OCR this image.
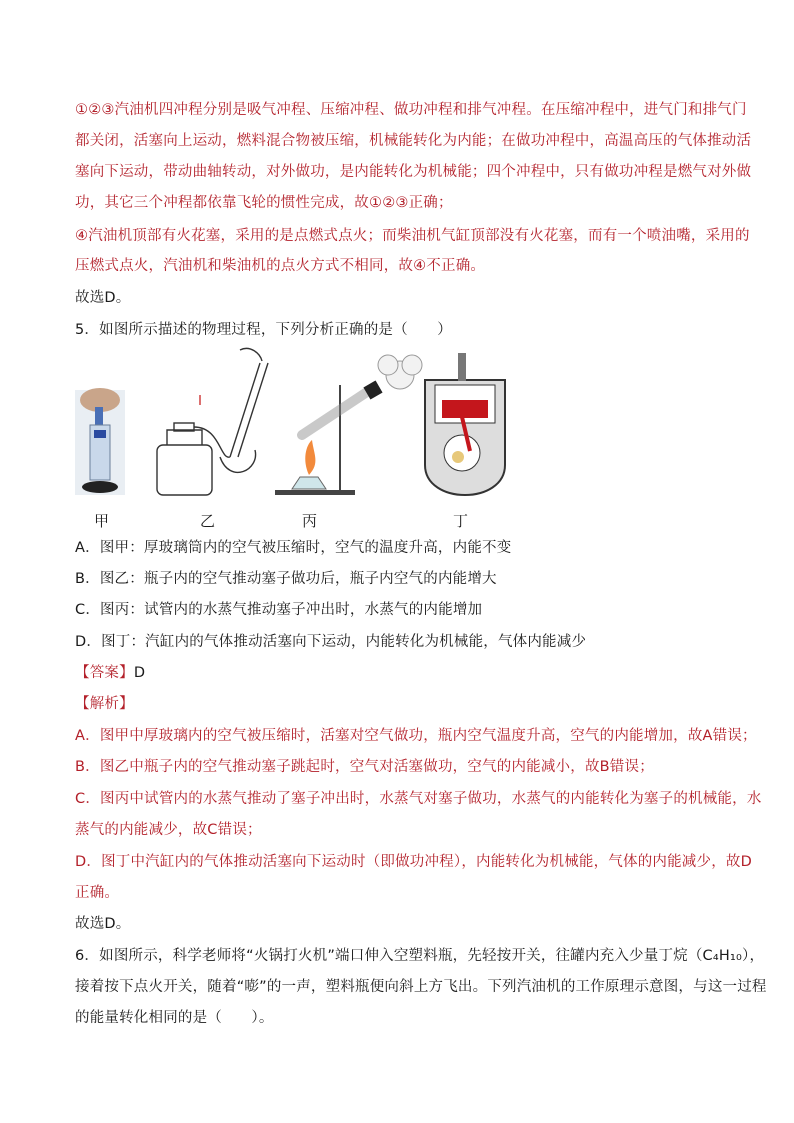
①②③汽油机四冲程分别是吸气冲程、压缩冲程、做功冲程和排气冲程。在压缩冲程中，进气门和排气门
都关闭，活塞向上运动，燃料混合物被压缩，机械能转化为内能；在做功冲程中，高温高压的气体推动活
塞向下运动，带动曲轴转动，对外做功，是内能转化为机械能；四个冲程中，只有做功冲程是燃气对外做
功，其它三个冲程都依靠飞轮的惯性完成，故①②③正确；
④汽油机顶部有火花塞，采用的是点燃式点火；而柴油机气缸顶部没有火花塞，而有一个喷油嘴，采用的
压燃式点火，汽油机和柴油机的点火方式不相同，故④不正确。
故选D。
5．如图所示描述的物理过程，下列分析正确的是（　　）
甲	乙	丙	丁
A．图甲：厚玻璃筒内的空气被压缩时，空气的温度升高，内能不变
B．图乙：瓶子内的空气推动塞子做功后，瓶子内空气的内能增大
C．图丙：试管内的水蒸气推动塞子冲出时，水蒸气的内能增加
D．图丁：汽缸内的气体推动活塞向下运动，内能转化为机械能，气体内能减少
【答案】D
【解析】
A．图甲中厚玻璃内的空气被压缩时，活塞对空气做功，瓶内空气温度升高，空气的内能增加，故A错误；
B．图乙中瓶子内的空气推动塞子跳起时，空气对活塞做功，空气的内能减小，故B错误；
C．图丙中试管内的水蒸气推动了塞子冲出时，水蒸气对塞子做功，水蒸气的内能转化为塞子的机械能，水
蒸气的内能减少，故C错误；
D．图丁中汽缸内的气体推动活塞向下运动时（即做功冲程），内能转化为机械能，气体的内能减少，故D
正确。
故选D。
6．如图所示，科学老师将“火锅打火机”端口伸入空塑料瓶，先轻按开关，往罐内充入少量丁烷（C₄H₁₀），
接着按下点火开关，随着“嘭”的一声，塑料瓶便向斜上方飞出。下列汽油机的工作原理示意图，与这一过程
的能量转化相同的是（　　）。
